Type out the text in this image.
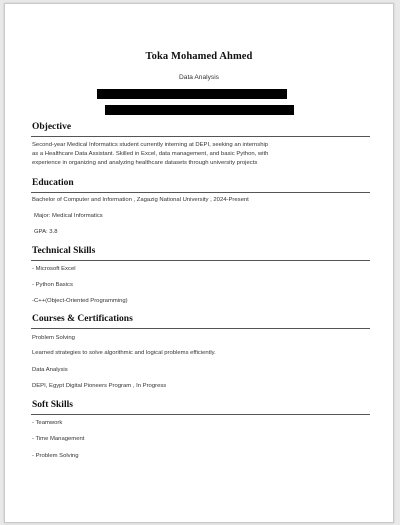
Toka Mohamed Ahmed
Data Analysis
Objective
Second-year Medical Informatics student currently interning at DEPI, seeking an internship
as a Healthcare Data Assistant. Skilled in Excel, data management, and basic Python, with
experience in organizing and analyzing healthcare datasets through university projects
Education
Bachelor of Computer and Information , Zagazig National University , 2024-Present
Major: Medical Informatics
GPA: 3.8
Technical Skills
- Microsoft Excel
- Python Basics
-C++(Object-Oriented Programming)
Courses & Certifications
Problem Solving
Learned strategies to solve algorithmic and logical problems efficiently.
Data Analysis
DEPI, Egypt Digital Pioneers Program , In Progress
Soft Skills
- Teamwork
- Time Management
- Problem Solving
